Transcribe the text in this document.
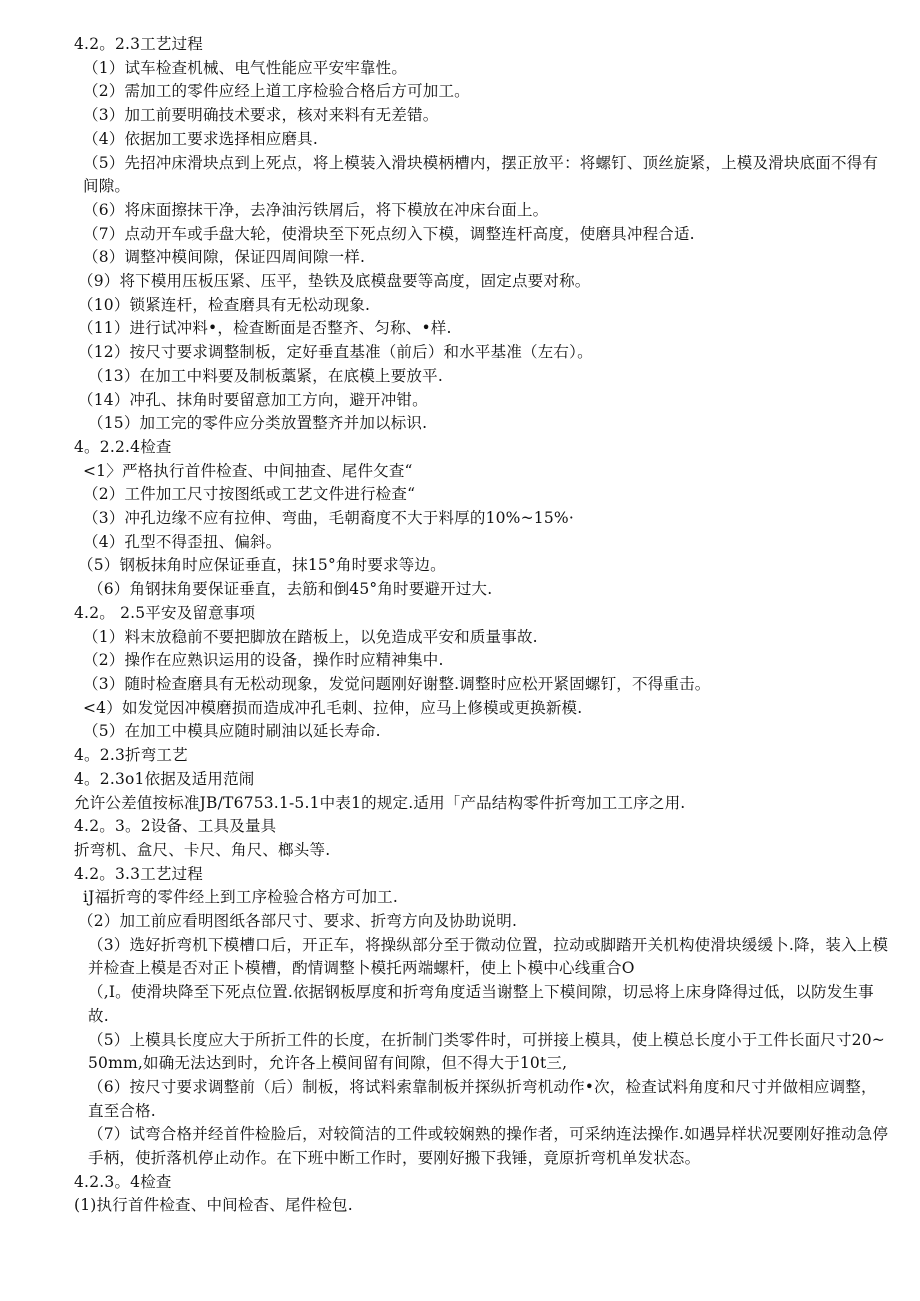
4.2。2.3工艺过程
（1）试车检查机械、电气性能应平安牢靠性。
（2）需加工的零件应经上道工序检验合格后方可加工。
（3）加工前要明确技术要求，核对来料有无差错。
（4）依据加工要求选择相应磨具.
（5）先招冲床滑块点到上死点，将上模装入滑块模柄槽内，摆正放平：将螺钉、顶丝旋紧，上模及滑块底面不得有间隙。
（6）将床面擦抹干净，去净油污铁屑后，将下模放在冲床台面上。
（7）点动开车或手盘大轮，使滑块至下死点纫入下模，调整连杆高度，使磨具冲程合适.
（8）调整冲模间隙，保证四周间隙一样.
（9）将下模用压板压紧、压平，垫铁及底模盘要等高度，固定点要对称。
（10）锁紧连杆，检查磨具有无松动现象.
（11）进行试冲料•，检查断面是否整齐、匀称、•样.
（12）按尺寸要求调整制板，定好垂直基准（前后）和水平基准（左右）。
（13）在加工中料要及制板藁紧，在底模上要放平.
（14）冲孔、抹角时要留意加工方向，避开冲钳。
（15）加工完的零件应分类放置整齐并加以标识.
4。2.2.4检查
<1〉严格执行首件检查、中间抽查、尾件攵查“
（2）工件加工尺寸按图纸或工艺文件进行检查“
（3）冲孔边缘不应有拉伸、弯曲，毛朝裔度不大于料厚的10%~15%·
（4）孔型不得歪扭、偏斜。
（5）钢板抹角时应保证垂直，抹15°角时要求等边。
（6）角钢抹角要保证垂直，去筋和倒45°角时要避开过大.
4.2。 2.5平安及留意事项
（1）料末放稳前不要把脚放在踏板上，以免造成平安和质量事故.
（2）操作在应熟识运用的设备，操作时应精神集中.
（3）随时检查磨具有无松动现象，发觉问题刚好谢整.调整时应松开紧固螺钉，不得重击。
<4）如发觉因冲模磨损而造成冲孔毛刺、拉伸，应马上修模或更换新模.
（5）在加工中模具应随时刷油以延长寿命.
4。2.3折弯工艺
4。2.3o1依据及适用范闹
允许公差值按标准JB/T6753.1-5.1中表1的规定.适用「产品结构零件折弯加工工序之用.
4.2。3。2设备、工具及量具
折弯机、盒尺、卡尺、角尺、榔头等.
4.2。3.3工艺过程
iJ福折弯的零件经上到工序检验合格方可加工.
（2）加工前应看明图纸各部尺寸、要求、折弯方向及协助说明.
（3）选好折弯机下模槽口后，开正车，将操纵部分至于微动位置，拉动或脚踏开关机构使滑块缓缓卜.降，装入上模并检查上模是否对正卜模槽，酌情调整卜模托两端螺杆，使上卜模中心线重合O
（,I。使滑块降至下死点位置.依据钢板厚度和折弯角度适当谢整上下模间隙，切忌将上床身降得过低，以防发生事故.
（5）上模具长度应大于所折工件的长度，在折制门类零件时，可拼接上模具，使上模总长度小于工件长面尺寸20~50mm,如确无法达到时，允许各上模间留有间隙，但不得大于10t三,
（6）按尺寸要求调整前（后）制板，将试料索靠制板并探纵折弯机动作•次，检查试料角度和尺寸并做相应调整，直至合格.
（7）试弯合格并经首件检脸后，对较简洁的工件或较娴熟的操作者，可采纳连法操作.如遇异样状况要刚好推动急停手柄，使折落机停止动作。在下班中断工作时，要刚好搬下我锤，竟原折弯机单发状态。
4.2.3。4检查
(1)执行首件检查、中间检杳、尾件检包.
